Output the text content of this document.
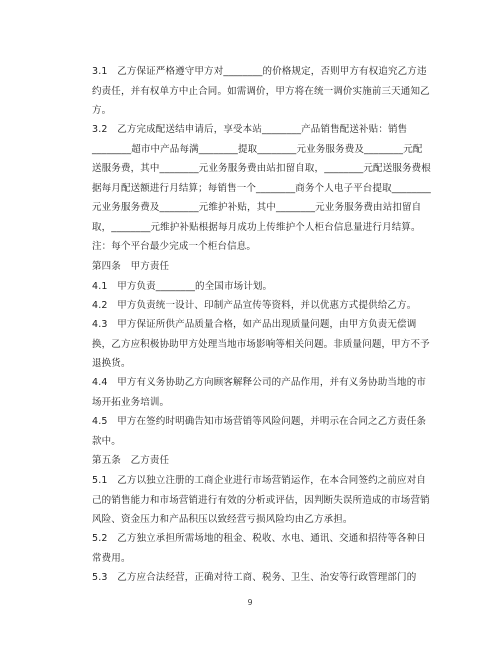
3.1　乙方保证严格遵守甲方对________的价格规定，否则甲方有权追究乙方违约责任，并有权单方中止合同。如需调价，甲方将在统一调价实施前三天通知乙方。

3.2　乙方完成配送结申请后，享受本站________产品销售配送补贴：销售________超市中产品每满________提取________元业务服务费及________元配送服务费，其中________元业务服务费由站扣留自取，________元配送服务费根据每月配送额进行月结算；每销售一个________商务个人电子平台提取________元业务服务费及________元维护补贴，其中________元业务服务费由站扣留自取，________元维护补贴根据每月成功上传维护个人柜台信息量进行月结算。注：每个平台最少完成一个柜台信息。

第四条　甲方责任

4.1　甲方负责________的全国市场计划。

4.2　甲方负责统一设计、印制产品宣传等资料，并以优惠方式提供给乙方。

4.3　甲方保证所供产品质量合格，如产品出现质量问题，由甲方负责无偿调换，乙方应积极协助甲方处理当地市场影响等相关问题。非质量问题，甲方不予退换货。

4.4　甲方有义务协助乙方向顾客解释公司的产品作用，并有义务协助当地的市场开拓业务培训。

4.5　甲方在签约时明确告知市场营销等风险问题，并明示在合同之乙方责任条款中。

第五条　乙方责任

5.1　乙方以独立注册的工商企业进行市场营销运作，在本合同签约之前应对自己的销售能力和市场营销进行有效的分析或评估，因判断失误所造成的市场营销风险、资金压力和产品积压以致经营亏损风险均由乙方承担。

5.2　乙方独立承担所需场地的租金、税收、水电、通讯、交通和招待等各种日常费用。

5.3　乙方应合法经营，正确对待工商、税务、卫生、治安等行政管理部门的

9
